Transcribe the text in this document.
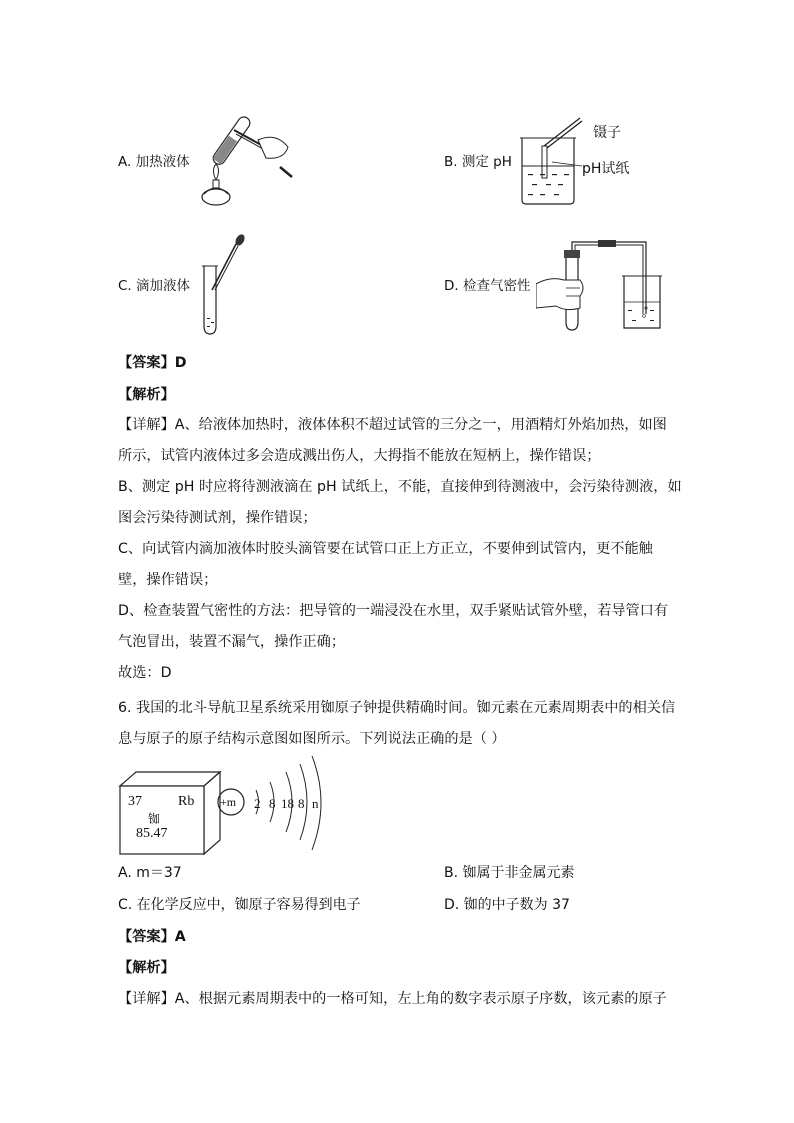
A. 加热液体	B. 测定 pH
镊子
pH试纸
C. 滴加液体	D. 检查气密性
【答案】D
【解析】
【详解】A、给液体加热时，液体体积不超过试管的三分之一，用酒精灯外焰加热，如图
所示，试管内液体过多会造成溅出伤人，大拇指不能放在短柄上，操作错误；
B、测定 pH 时应将待测液滴在 pH 试纸上，不能，直接伸到待测液中，会污染待测液，如
图会污染待测试剂，操作错误；
C、向试管内滴加液体时胶头滴管要在试管口正上方正立，不要伸到试管内，更不能触
壁，操作错误；
D、检查装置气密性的方法：把导管的一端浸没在水里，双手紧贴试管外壁，若导管口有
气泡冒出，装置不漏气，操作正确；
故选：D
6. 我国的北斗导航卫星系统采用铷原子钟提供精确时间。铷元素在元素周期表中的相关信
息与原子的原子结构示意图如图所示。下列说法正确的是（ ）
37	Rb
铷
85.47
+m 2 8 18 8 n
A. m＝37	B. 铷属于非金属元素
C. 在化学反应中，铷原子容易得到电子	D. 铷的中子数为 37
【答案】A
【解析】
【详解】A、根据元素周期表中的一格可知，左上角的数字表示原子序数，该元素的原子
